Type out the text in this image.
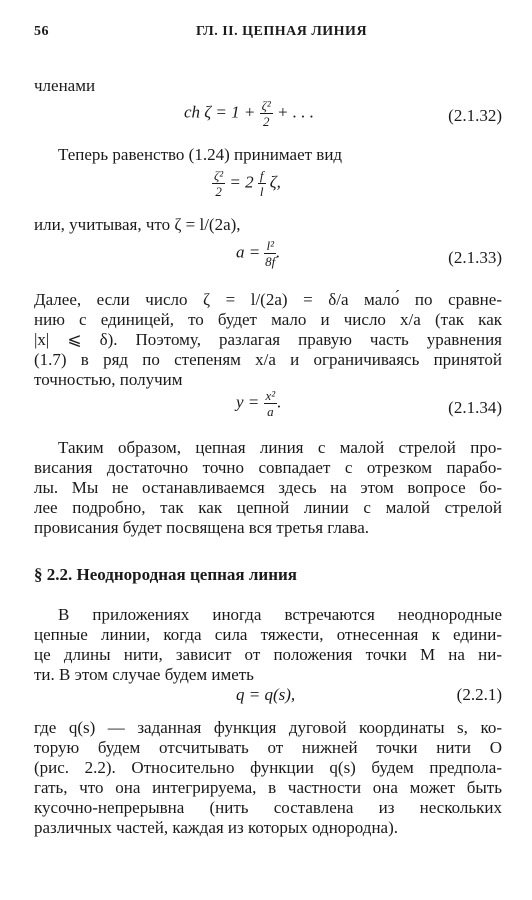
56	ГЛ. II. ЦЕПНАЯ ЛИНИЯ
членами
ch $\zeta = 1 + \frac{\text{ζ²}}{2}$ + . . .	(2.1.32)
Теперь равенство (1.24) принимает вид
$\frac{\text{ζ²}}{2} = 2 \frac{f}{l} \zeta$,
или, учитывая, что ζ = l/(2a),
$a = \frac{\text{l²}}{8f}$ .	(2.1.33)
Далее, если число ζ = l/(2a) = δ/a мало́ по сравне-
нию с единицей, то будет мало и число x/a (так как
|x| ⩽ δ). Поэтому, разлагая правую часть уравнения
(1.7) в ряд по степеням x/a и ограничиваясь принятой
точностью, получим
$y = \frac{\text{x²}}{a}$ .	(2.1.34)
Таким образом, цепная линия с малой стрелой про-
висания достаточно точно совпадает с отрезком парабо-
лы. Мы не останавливаемся здесь на этом вопросе бо-
лее подробно, так как цепной линии с малой стрелой
провисания будет посвящена вся третья глава.
§ 2.2. Неоднородная цепная линия
В приложениях иногда встречаются неоднородные
цепные линии, когда сила тяжести, отнесенная к едини-
це длины нити, зависит от положения точки M на ни-
ти. В этом случае будем иметь
q = q(s),	(2.2.1)
где q(s) — заданная функция дуговой координаты s, ко-
торую будем отсчитывать от нижней точки нити O
(рис. 2.2). Относительно функции q(s) будем предпола-
гать, что она интегрируема, в частности она может быть
кусочно-непрерывна (нить составлена из нескольких
различных частей, каждая из которых однородна).
